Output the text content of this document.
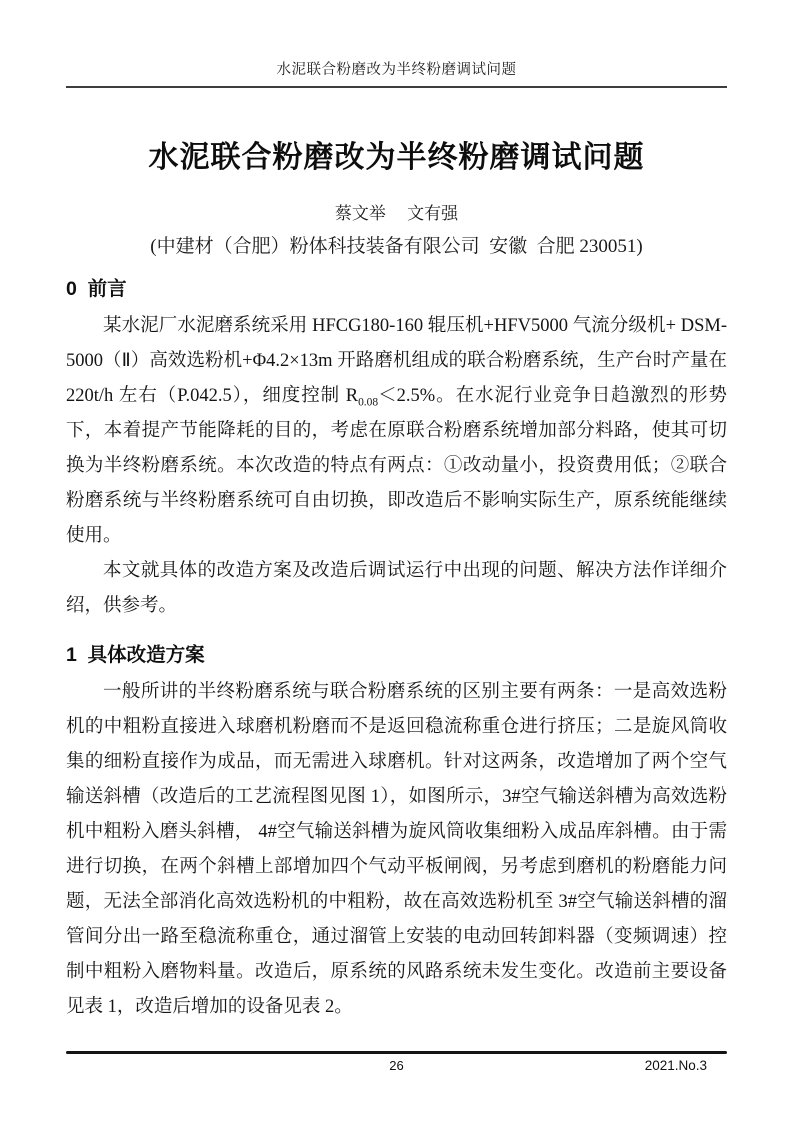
水泥联合粉磨改为半终粉磨调试问题
水泥联合粉磨改为半终粉磨调试问题
蔡文举　 文有强
(中建材（合肥）粉体科技装备有限公司  安徽  合肥 230051)
0  前言

某水泥厂水泥磨系统采用 HFCG180-160 辊压机+HFV5000 气流分级机+ DSM-5000（Ⅱ）高效选粉机+Φ4.2×13m 开路磨机组成的联合粉磨系统，生产台时产量在 220t/h 左右（P.042.5），细度控制 $R_{0.08}<2.5\%$。在水泥行业竞争日趋激烈的形势下，本着提产节能降耗的目的，考虑在原联合粉磨系统增加部分料路，使其可切换为半终粉磨系统。本次改造的特点有两点：①改动量小，投资费用低；②联合粉磨系统与半终粉磨系统可自由切换，即改造后不影响实际生产，原系统能继续使用。

本文就具体的改造方案及改造后调试运行中出现的问题、解决方法作详细介绍，供参考。

1  具体改造方案

一般所讲的半终粉磨系统与联合粉磨系统的区别主要有两条：一是高效选粉机的中粗粉直接进入球磨机粉磨而不是返回稳流称重仓进行挤压；二是旋风筒收集的细粉直接作为成品，而无需进入球磨机。针对这两条，改造增加了两个空气输送斜槽（改造后的工艺流程图见图 1），如图所示，3#空气输送斜槽为高效选粉机中粗粉入磨头斜槽， 4#空气输送斜槽为旋风筒收集细粉入成品库斜槽。由于需进行切换，在两个斜槽上部增加四个气动平板闸阀，另考虑到磨机的粉磨能力问题，无法全部消化高效选粉机的中粗粉，故在高效选粉机至 3#空气输送斜槽的溜管间分出一路至稳流称重仓，通过溜管上安装的电动回转卸料器（变频调速）控制中粗粉入磨物料量。改造后，原系统的风路系统未发生变化。改造前主要设备见表 1，改造后增加的设备见表 2。

26	2021.No.3
